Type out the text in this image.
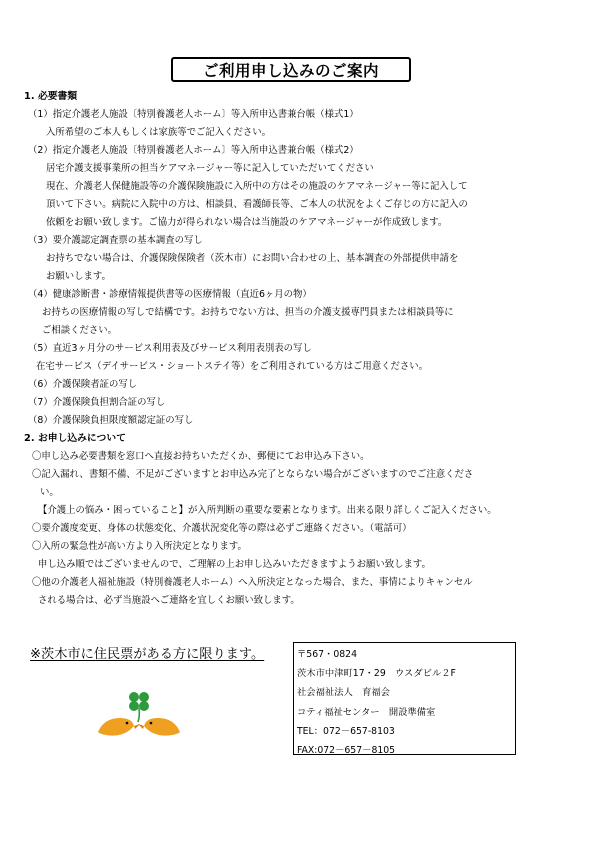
ご利用申し込みのご案内
1. 必要書類
（1）指定介護老人施設〔特別養護老人ホーム〕等入所申込書兼台帳（様式1）
入所希望のご本人もしくは家族等でご記入ください。
（2）指定介護老人施設〔特別養護老人ホーム〕等入所申込書兼台帳（様式2）
居宅介護支援事業所の担当ケアマネージャー等に記入していただいてください
現在、介護老人保健施設等の介護保険施設に入所中の方はその施設のケアマネージャー等に記入して
頂いて下さい。病院に入院中の方は、相談員、看護師長等、ご本人の状況をよくご存じの方に記入の
依頼をお願い致します。ご協力が得られない場合は当施設のケアマネージャーが作成致します。
（3）要介護認定調査票の基本調査の写し
お持ちでない場合は、介護保険保険者（茨木市）にお問い合わせの上、基本調査の外部提供申請を
お願いします。
（4）健康診断書・診療情報提供書等の医療情報（直近6ヶ月の物）
お持ちの医療情報の写しで結構です。お持ちでない方は、担当の介護支援専門員または相談員等に
ご相談ください。
（5）直近3ヶ月分のサービス利用表及びサービス利用表別表の写し
在宅サービス（デイサービス・ショートステイ等）をご利用されている方はご用意ください。
（6）介護保険者証の写し
（7）介護保険負担割合証の写し
（8）介護保険負担限度額認定証の写し
2. お申し込みについて
〇申し込み必要書類を窓口へ直接お持ちいただくか、郵便にてお申込み下さい。
〇記入漏れ、書類不備、不足がございますとお申込み完了とならない場合がございますのでご注意くださ
い。
【介護上の悩み・困っていること】が入所判断の重要な要素となります。出来る限り詳しくご記入ください。
〇要介護度変更、身体の状態変化、介護状況変化等の際は必ずご連絡ください。（電話可）
〇入所の緊急性が高い方より入所決定となります。
申し込み順ではございませんので、ご理解の上お申し込みいただきますようお願い致します。
〇他の介護老人福祉施設（特別養護老人ホーム）へ入所決定となった場合、また、事情によりキャンセル
される場合は、必ず当施設へご連絡を宜しくお願い致します。
※茨木市に住民票がある方に限ります。	〒567・0824
茨木市中津町17・29　ウスダビル２F
社会福祉法人　育福会
コティ福祉センター　開設準備室
TEL：072－657-8103
FAX:072－657－8105
